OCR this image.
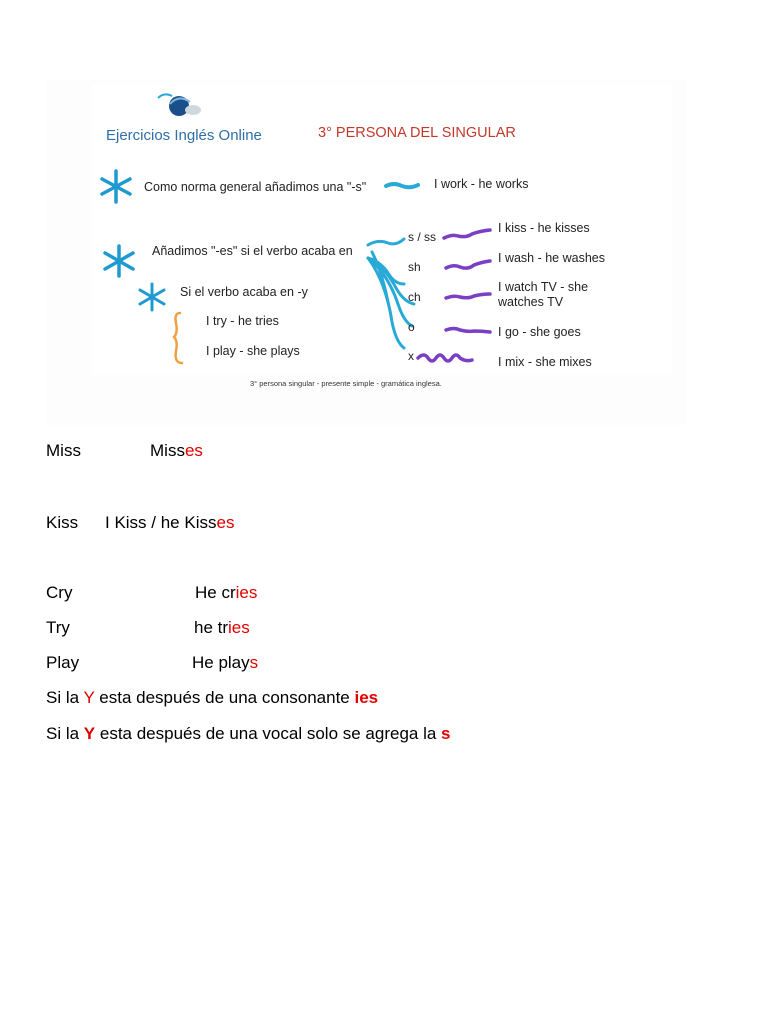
Ejercicios Inglés Online	3° PERSONA DEL SINGULAR
Como norma general añadimos una "-s"	I work - he works
Añadimos "-es" si el verbo acaba en
s / ss
sh
ch
o
x
I kiss - he kisses
I wash - he washes
I watch TV - she
watches TV
I go - she goes
I mix - she mixes
Si el verbo acaba en -y
I try - he tries
I play - she plays
3° persona singular - presente simple - gramática inglesa.
Miss	Misses
Kiss I Kiss / he Kisses
Cry	He cries
Try	he tries
Play	He plays
Si la Y esta después de una consonante ies
Si la Y esta después de una vocal solo se agrega la s
